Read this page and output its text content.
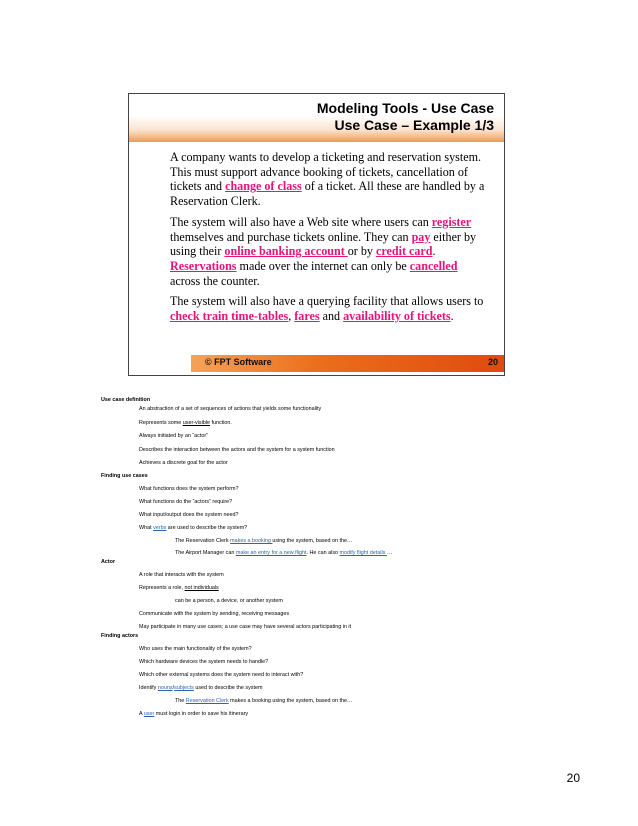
Modeling Tools - Use Case
Use Case – Example 1/3

A company wants to develop a ticketing and reservation system. This must support advance booking of tickets, cancellation of tickets and change of class of a ticket. All these are handled by a Reservation Clerk.

The system will also have a Web site where users can register themselves and purchase tickets online. They can pay either by using their online banking account or by credit card. Reservations made over the internet can only be cancelled across the counter.

The system will also have a querying facility that allows users to check train time-tables, fares and availability of tickets.

© FPT Software	20
Use case definition
An abstraction of a set of sequences of actions that yields some functionality
Represents some user-visible function.
Always initiated by an “actor”
Describes the interaction between the actors and the system for a system function
Achieves a discrete goal for the actor
Finding use cases
What functions does the system perform?
What functions do the “actors” require?
What input/output does the system need?
What verbs are used to describe the system?
The Reservation Clerk makes a booking using the system, based on the…
The Airport Manager can make an entry for a new flight. He can also modify flight details …
Actor
A role that interacts with the system
Represents a role, not individuals
can be a person, a device, or another system
Communicate with the system by sending, receiving messages
May participate in many use cases; a use case may have several actors participating in it
Finding actors
Who uses the main functionality of the system?
Which hardware devices the system needs to handle?
Which other external systems does the system need to interact with?
Identify nouns/subjects used to describe the system
The Reservation Clerk makes a booking using the system, based on the…
A user must login in order to save his itinerary
20
